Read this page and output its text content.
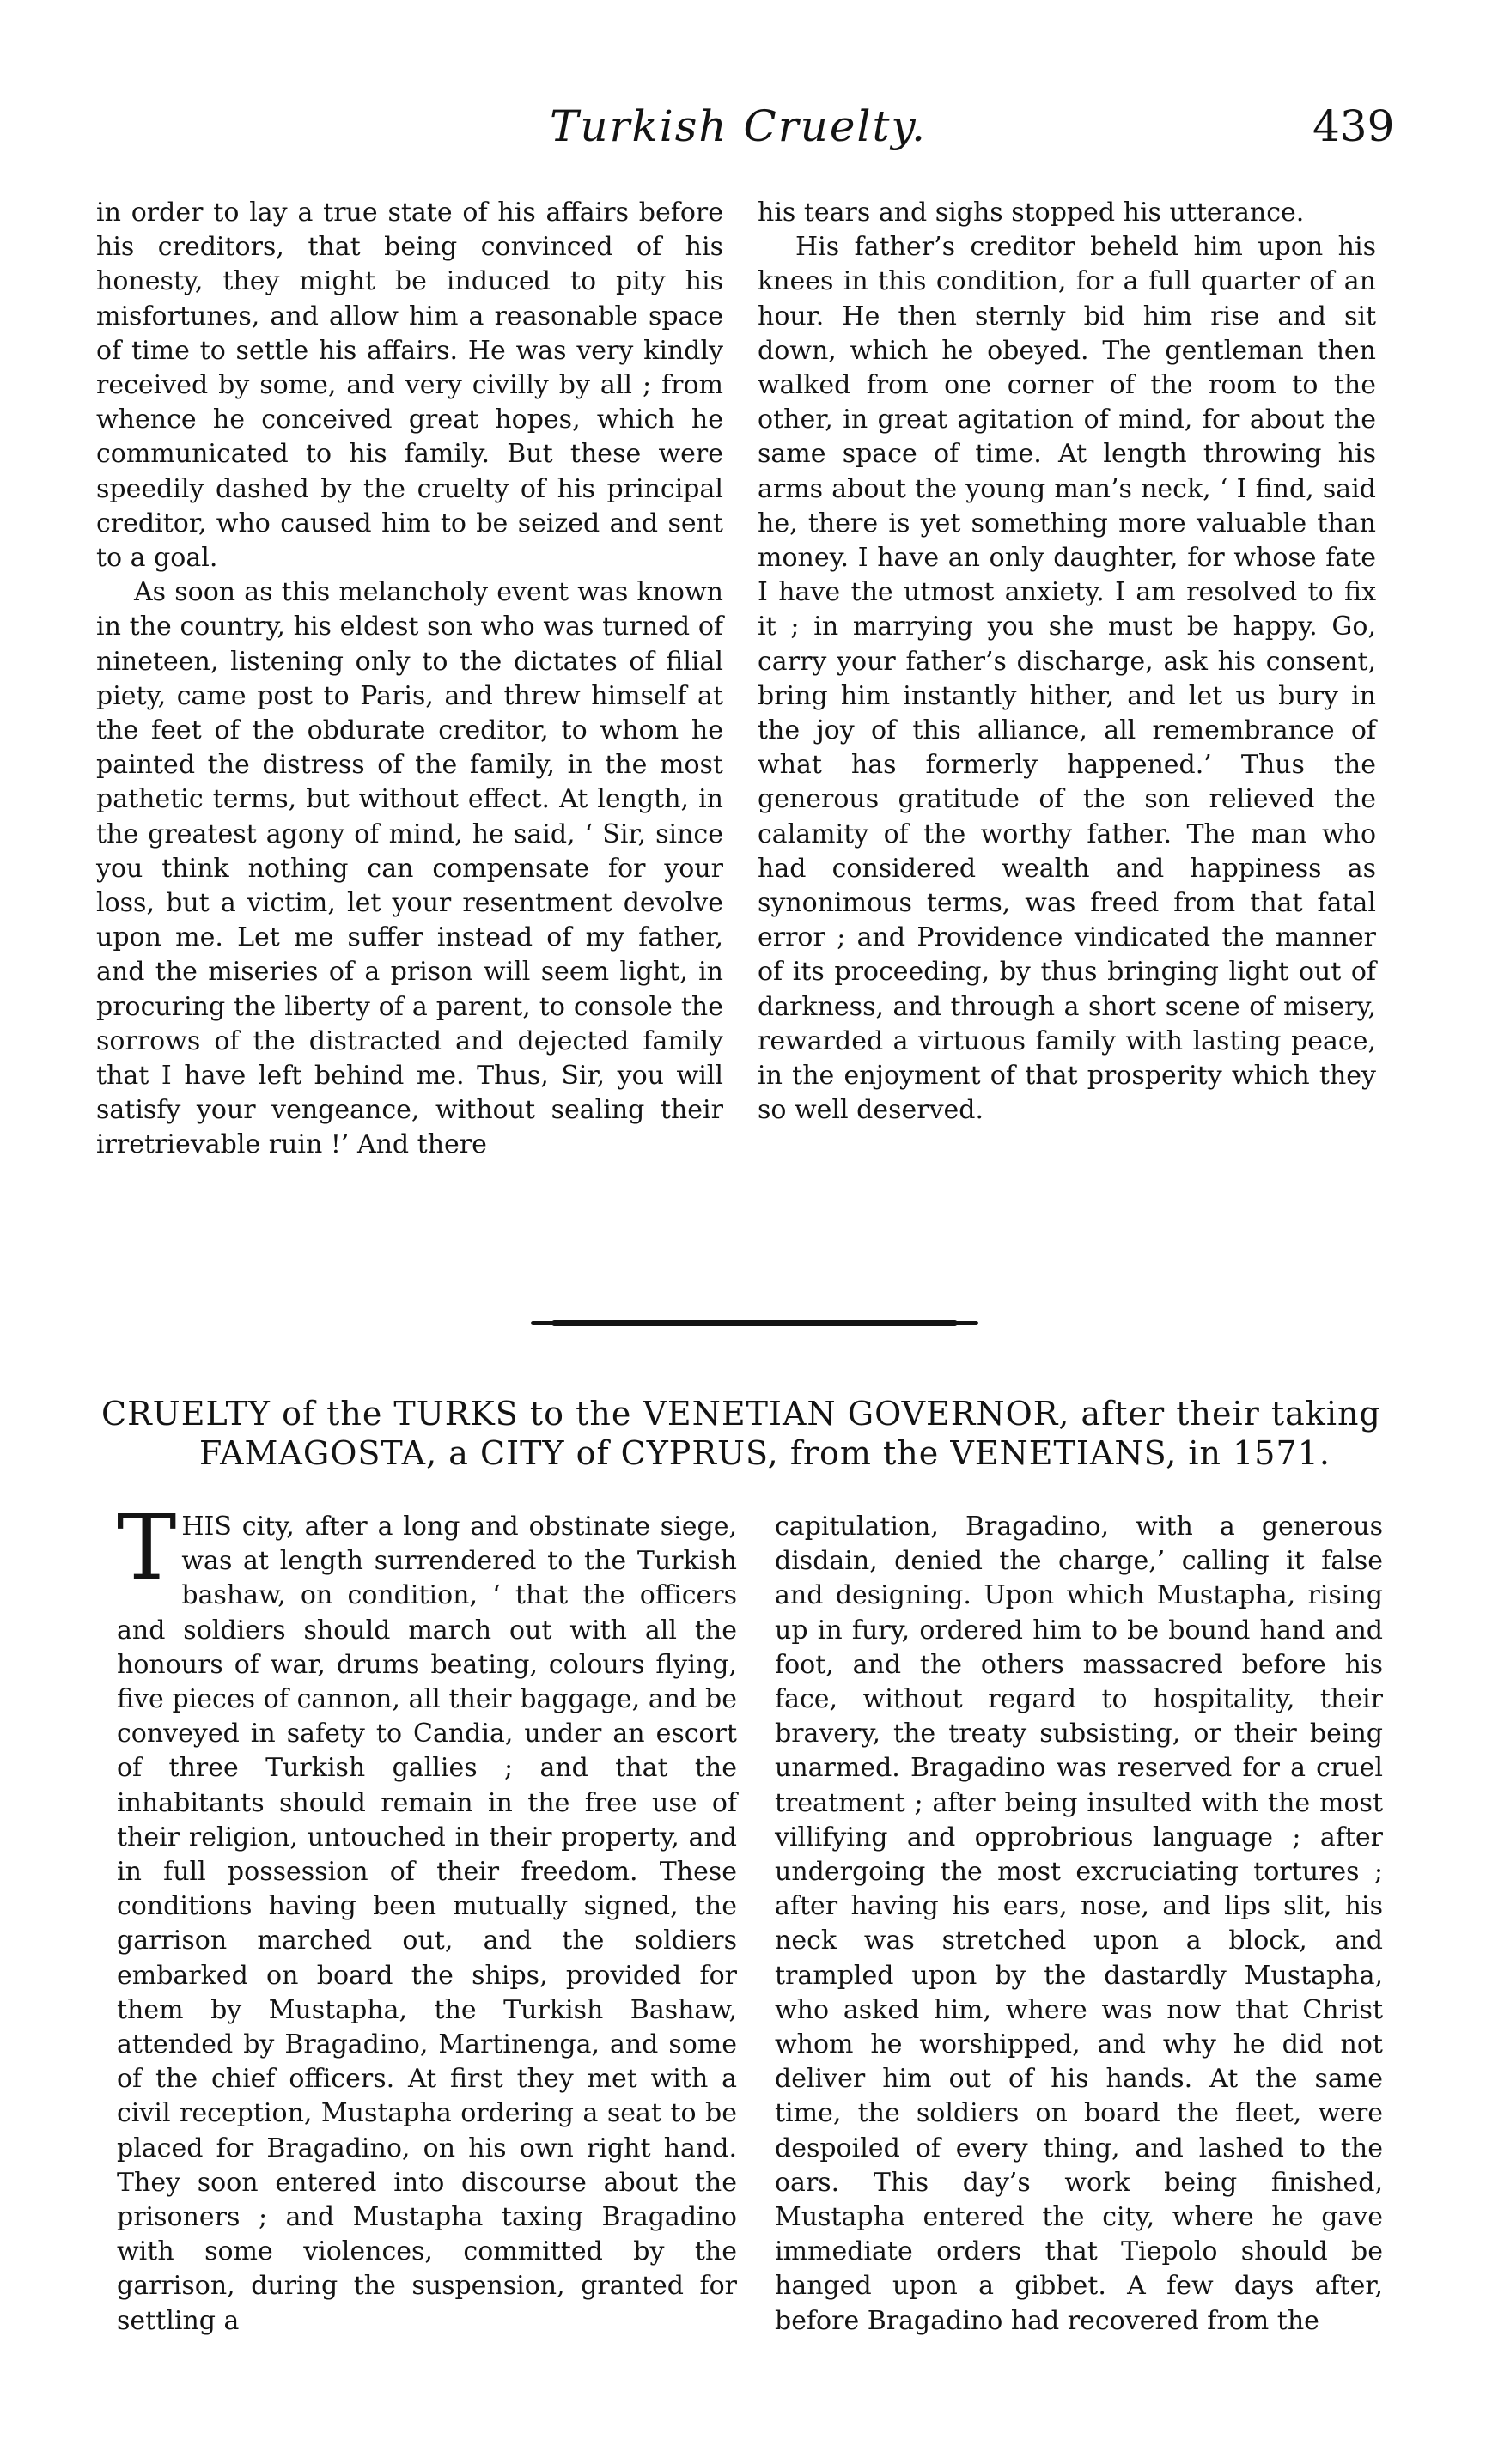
Turkish Cruelty.	439

in order to lay a true state of his affairs before his creditors, that being convinced of his honesty, they might be induced to pity his misfortunes, and allow him a reasonable space of time to settle his affairs. He was very kindly received by some, and very civilly by all ; from whence he conceived great hopes, which he communicated to his family. But these were speedily dashed by the cruelty of his principal creditor, who caused him to be seized and sent to a goal.

As soon as this melancholy event was known in the country, his eldest son who was turned of nineteen, listening only to the dictates of filial piety, came post to Paris, and threw himself at the feet of the obdurate creditor, to whom he painted the distress of the family, in the most pathetic terms, but without effect. At length, in the greatest agony of mind, he said, ‘ Sir, since you think nothing can compensate for your loss, but a victim, let your resentment devolve upon me. Let me suffer instead of my father, and the miseries of a prison will seem light, in procuring the liberty of a parent, to console the sorrows of the distracted and dejected family that I have left behind me. Thus, Sir, you will satisfy your vengeance, without sealing their irretrievable ruin !’ And there

his tears and sighs stopped his utterance.

His father’s creditor beheld him upon his knees in this condition, for a full quarter of an hour. He then sternly bid him rise and sit down, which he obeyed. The gentleman then walked from one corner of the room to the other, in great agitation of mind, for about the same space of time. At length throwing his arms about the young man’s neck, ‘ I find, said he, there is yet something more valuable than money. I have an only daughter, for whose fate I have the utmost anxiety. I am resolved to fix it ; in marrying you she must be happy. Go, carry your father’s discharge, ask his consent, bring him instantly hither, and let us bury in the joy of this alliance, all remembrance of what has formerly happened.’ Thus the generous gratitude of the son relieved the calamity of the worthy father. The man who had considered wealth and happiness as synonimous terms, was freed from that fatal error ; and Providence vindicated the manner of its proceeding, by thus bringing light out of darkness, and through a short scene of misery, rewarded a virtuous family with lasting peace, in the enjoyment of that prosperity which they so well deserved.

CRUELTY of the TURKS to the VENETIAN GOVERNOR, after their taking
FAMAGOSTA, a CITY of CYPRUS, from the VENETIANS, in 1571.

THIS city, after a long and obstinate siege, was at length surrendered to the Turkish bashaw, on condition, ‘ that the officers and soldiers should march out with all the honours of war, drums beating, colours flying, five pieces of cannon, all their baggage, and be conveyed in safety to Candia, under an escort of three Turkish gallies ; and that the inhabitants should remain in the free use of their religion, untouched in their property, and in full possession of their freedom. These conditions having been mutually signed, the garrison marched out, and the soldiers embarked on board the ships, provided for them by Mustapha, the Turkish Bashaw, attended by Bragadino, Martinenga, and some of the chief officers. At first they met with a civil reception, Mustapha ordering a seat to be placed for Bragadino, on his own right hand. They soon entered into discourse about the prisoners ; and Mustapha taxing Bragadino with some violences, committed by the garrison, during the suspension, granted for settling a

capitulation, Bragadino, with a generous disdain, denied the charge,’ calling it false and designing. Upon which Mustapha, rising up in fury, ordered him to be bound hand and foot, and the others massacred before his face, without regard to hospitality, their bravery, the treaty subsisting, or their being unarmed. Bragadino was reserved for a cruel treatment ; after being insulted with the most villifying and opprobrious language ; after undergoing the most excruciating tortures ; after having his ears, nose, and lips slit, his neck was stretched upon a block, and trampled upon by the dastardly Mustapha, who asked him, where was now that Christ whom he worshipped, and why he did not deliver him out of his hands. At the same time, the soldiers on board the fleet, were despoiled of every thing, and lashed to the oars. This day’s work being finished, Mustapha entered the city, where he gave immediate orders that Tiepolo should be hanged upon a gibbet. A few days after, before Bragadino had recovered from the
